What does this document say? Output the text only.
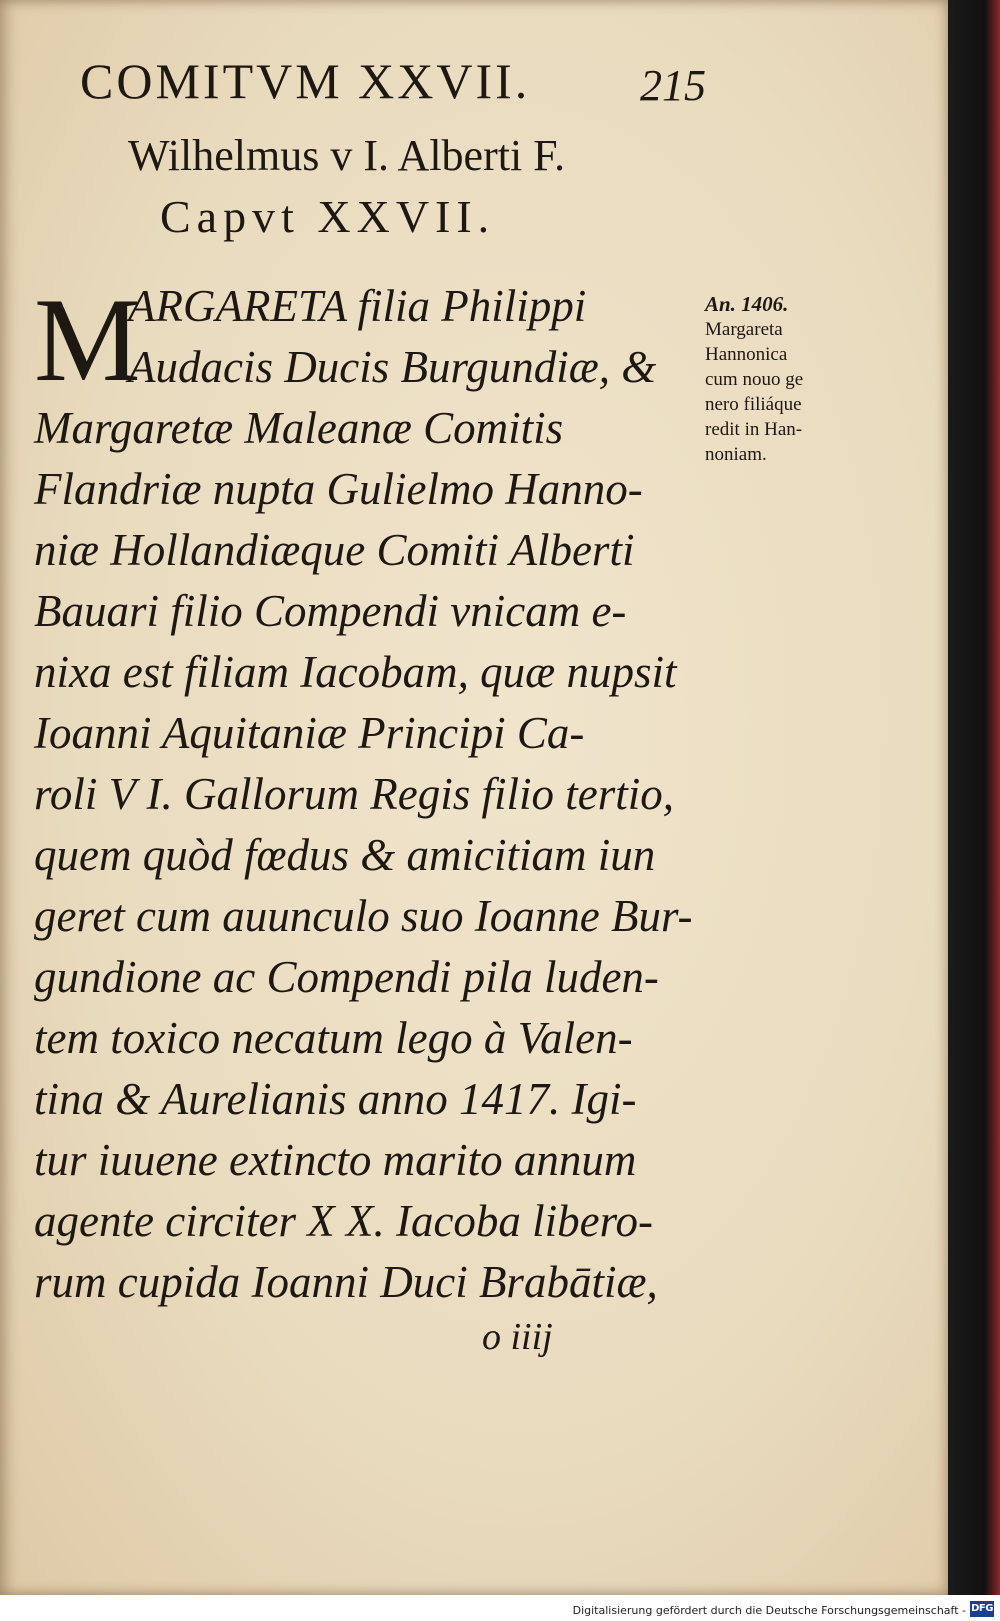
COMITVM XXVII. 215
Wilhelmus v I. Alberti F.
Capvt XXVII.
M
ARGARETA filia Philippi
Audacis Ducis Burgundiæ, &
Margaretæ Maleanæ Comitis
Flandriæ nupta Gulielmo Hanno-
niæ Hollandiæque Comiti Alberti
Bauari filio Compendi vnicam e-
nixa est filiam Iacobam, quæ nupsit
Ioanni Aquitaniæ Principi Ca-
roli V I. Gallorum Regis filio tertio,
quem quòd fœdus & amicitiam iun
geret cum auunculo suo Ioanne Bur-
gundione ac Compendi pila luden-
tem toxico necatum lego à Valen-
tina & Aurelianis anno 1417. Igi-
tur iuuene extincto marito annum
agente circiter X X. Iacoba libero-
rum cupida Ioanni Duci Brabātiæ,
An. 1406.
Margareta
Hannonica
cum nouo ge
nero filiáque
redit in Han-
noniam.
o iiij
Digitalisierung gefördert durch die Deutsche Forschungsgemeinschaft - DFG
